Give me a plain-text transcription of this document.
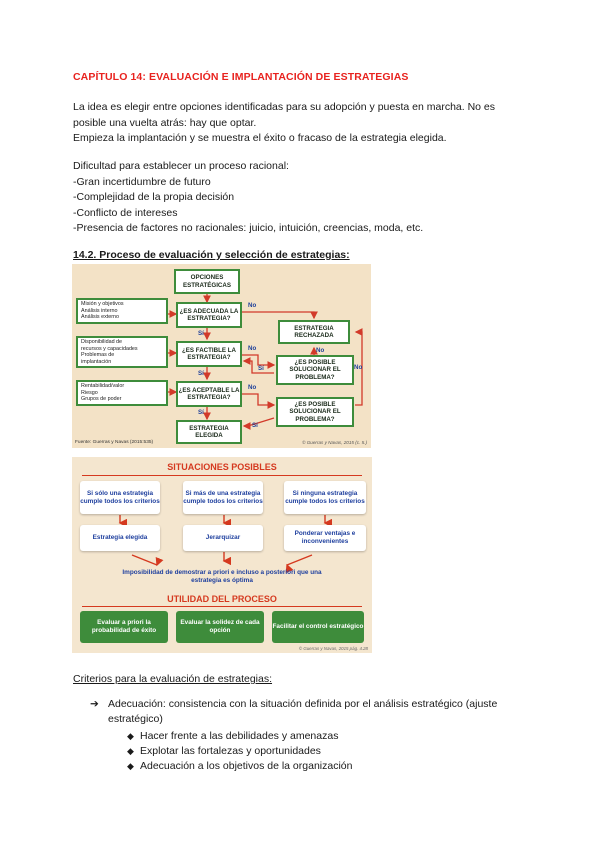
CAPÍTULO 14: EVALUACIÓN E IMPLANTACIÓN DE ESTRATEGIAS
La idea es elegir entre opciones identificadas para su adopción y puesta en marcha. No es
posible una vuelta atrás: hay que optar.
Empieza la implantación y se muestra el éxito o fracaso de la estrategia elegida.
Dificultad para establecer un proceso racional:
-Gran incertidumbre de futuro
-Complejidad de la propia decisión
-Conflicto de intereses
-Presencia de factores no racionales: juicio, intuición, creencias, moda, etc.
14.2. Proceso de evaluación y selección de estrategias:
OPCIONES ESTRATÉGICAS
¿ES ADECUADA LA ESTRATEGIA?
¿ES FACTIBLE LA ESTRATEGIA?
¿ES ACEPTABLE LA ESTRATEGIA?
ESTRATEGIA ELEGIDA
ESTRATEGIA RECHAZADA
¿ES POSIBLE SOLUCIONAR EL PROBLEMA?
¿ES POSIBLE SOLUCIONAR EL PROBLEMA?
Misión y objetivos
Análisis interno
Análisis externo
Disponibilidad de
recursos y capacidades
Problemas de
implantación
Rentabilidad/valor
Riesgo
Grupos de poder
No
Sí
No
Sí
No
Sí
No
Sí
Sí
No
Fuente: Guerras y Navas (2015:535)	© Guerras y Navas, 2015 (c. 5.)
SITUACIONES POSIBLES
Si sólo una estrategia cumple todos los criterios
Si más de una estrategia cumple todos los criterios
Si ninguna estrategia cumple todos los criterios
Estrategia elegida	Jerarquizar
Ponderar ventajas e inconvenientes
Imposibilidad de demostrar a priori e incluso a posteriori que una estrategia es óptima
UTILIDAD DEL PROCESO
Evaluar a priori la probabilidad de éxito
Evaluar la solidez de cada opción
Facilitar el control estratégico
© Guerras y Navas, 2015 pág. 4.28
Criterios para la evaluación de estrategias:
➔ Adecuación: consistencia con la situación definida por el análisis estratégico (ajuste estratégico)
◆ Hacer frente a las debilidades y amenazas
◆ Explotar las fortalezas y oportunidades
◆ Adecuación a los objetivos de la organización
